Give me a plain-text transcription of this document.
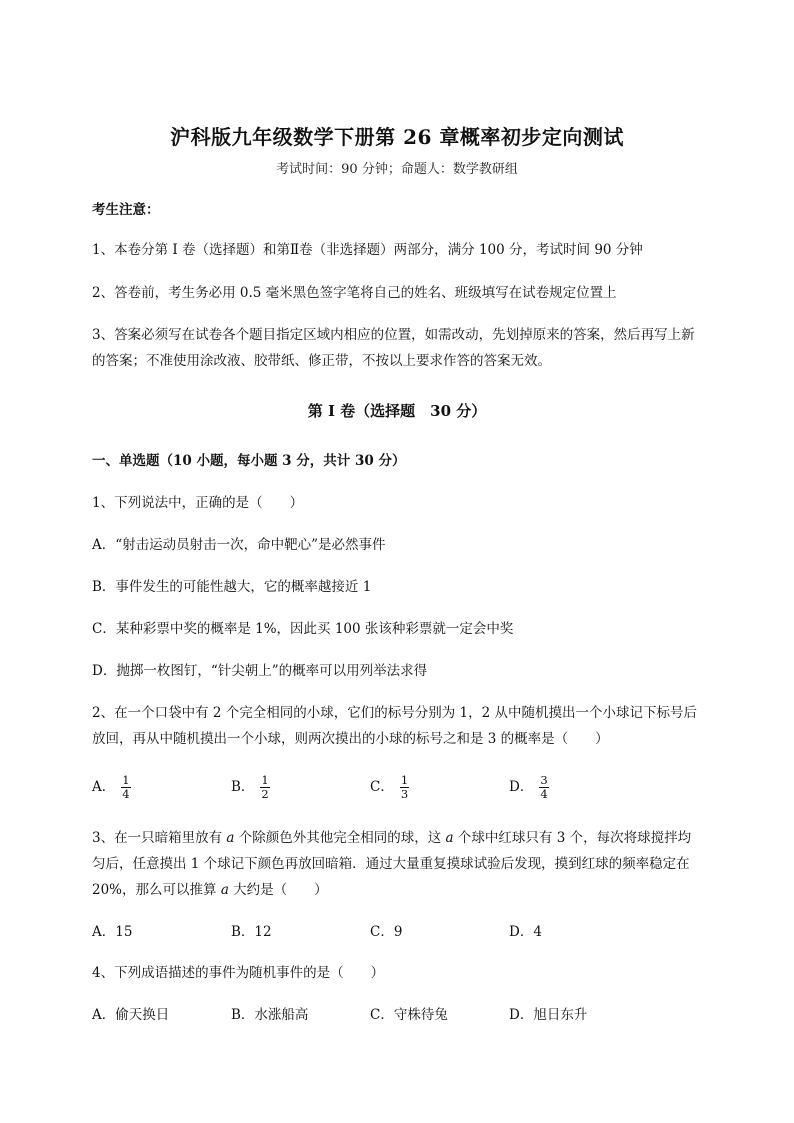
沪科版九年级数学下册第 26 章概率初步定向测试
考试时间：90 分钟；命题人：数学教研组
考生注意：
1、本卷分第 I 卷（选择题）和第Ⅱ卷（非选择题）两部分，满分 100 分，考试时间 90 分钟
2、答卷前，考生务必用 0.5 毫米黑色签字笔将自己的姓名、班级填写在试卷规定位置上
3、答案必须写在试卷各个题目指定区域内相应的位置，如需改动，先划掉原来的答案，然后再写上新
的答案；不准使用涂改液、胶带纸、修正带，不按以上要求作答的答案无效。
第 I 卷（选择题　30 分）
一、单选题（10 小题，每小题 3 分，共计 30 分）
1、下列说法中，正确的是（　　）
A．“射击运动员射击一次，命中靶心”是必然事件
B．事件发生的可能性越大，它的概率越接近 1
C．某种彩票中奖的概率是 1%，因此买 100 张该种彩票就一定会中奖
D．抛掷一枚图钉，“针尖朝上”的概率可以用列举法求得
2、在一个口袋中有 2 个完全相同的小球，它们的标号分别为 1，2 从中随机摸出一个小球记下标号后
放回，再从中随机摸出一个小球，则两次摸出的小球的标号之和是 3 的概率是（　　）
A． $\frac{1}{4}$	B． $\frac{1}{2}$	C． $\frac{1}{3}$	D． $\frac{3}{4}$
3、在一只暗箱里放有 a 个除颜色外其他完全相同的球，这 a 个球中红球只有 3 个，每次将球搅拌均
匀后，任意摸出 1 个球记下颜色再放回暗箱．通过大量重复摸球试验后发现，摸到红球的频率稳定在
20%，那么可以推算 a 大约是（　　）
A．15	B．12	C．9	D．4
4、下列成语描述的事件为随机事件的是（　　）
A．偷天换日	B．水涨船高	C．守株待兔	D．旭日东升
